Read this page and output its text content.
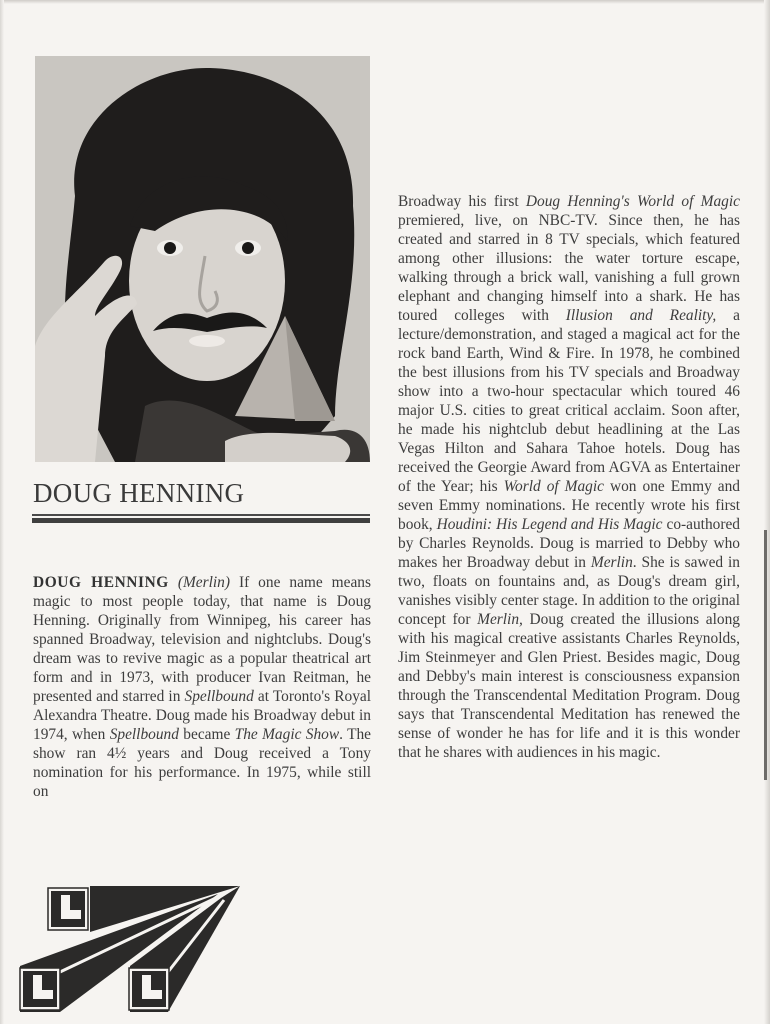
DOUG HENNING

DOUG HENNING (Merlin) If one name means magic to most people today, that name is Doug Henning. Originally from Winnipeg, his career has spanned Broadway, television and nightclubs. Doug's dream was to revive magic as a popular theatrical art form and in 1973, with producer Ivan Reitman, he presented and starred in Spellbound at Toronto's Royal Alexandra Theatre. Doug made his Broadway debut in 1974, when Spellbound became The Magic Show. The show ran 4½ years and Doug received a Tony nomination for his performance. In 1975, while still on

Broadway his first Doug Henning's World of Magic premiered, live, on NBC-TV. Since then, he has created and starred in 8 TV specials, which featured among other illusions: the water torture escape, walking through a brick wall, vanishing a full grown elephant and changing himself into a shark. He has toured colleges with Illusion and Reality, a lecture/demonstration, and staged a magical act for the rock band Earth, Wind & Fire. In 1978, he combined the best illusions from his TV specials and Broadway show into a two-hour spectacular which toured 46 major U.S. cities to great critical acclaim. Soon after, he made his nightclub debut headlining at the Las Vegas Hilton and Sahara Tahoe hotels. Doug has received the Georgie Award from AGVA as Entertainer of the Year; his World of Magic won one Emmy and seven Emmy nominations. He recently wrote his first book, Houdini: His Legend and His Magic co-authored by Charles Reynolds. Doug is married to Debby who makes her Broadway debut in Merlin. She is sawed in two, floats on fountains and, as Doug's dream girl, vanishes visibly center stage. In addition to the original concept for Merlin, Doug created the illusions along with his magical creative assistants Charles Reynolds, Jim Steinmeyer and Glen Priest. Besides magic, Doug and Debby's main interest is consciousness expansion through the Transcendental Meditation Program. Doug says that Transcendental Meditation has renewed the sense of wonder he has for life and it is this wonder that he shares with audiences in his magic.
